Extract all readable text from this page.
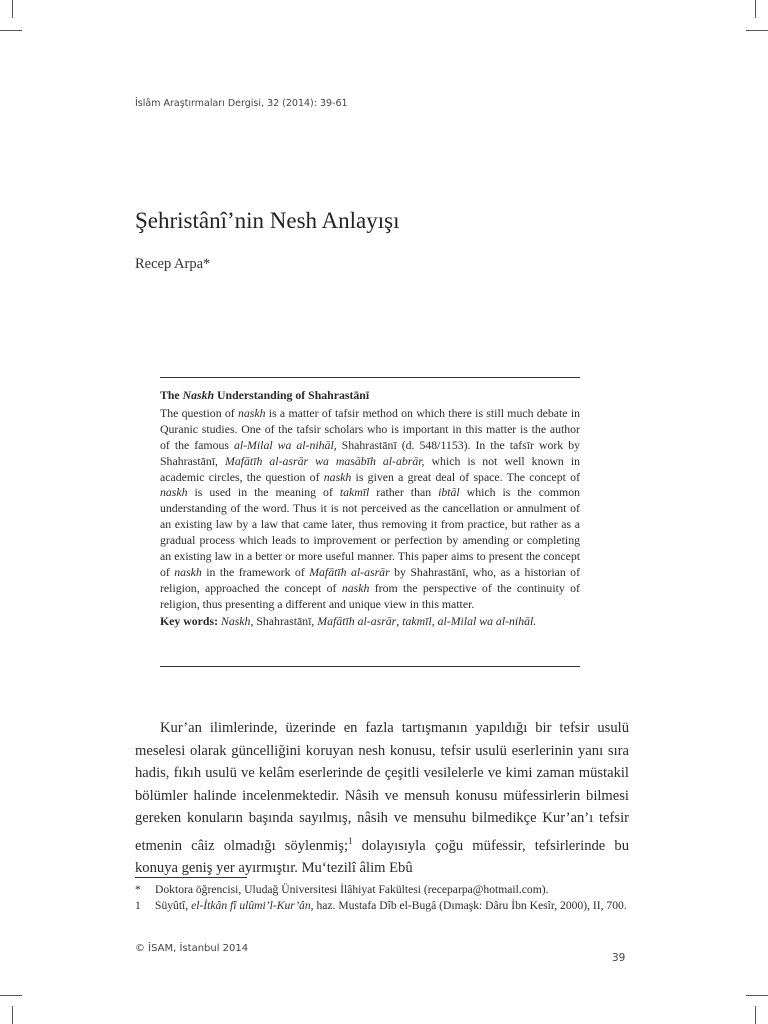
İslâm Araştırmaları Dergisi, 32 (2014): 39-61
Şehristânî’nin Nesh Anlayışı
Recep Arpa*
The Naskh Understanding of Shahrastānī

The question of naskh is a matter of tafsir method on which there is still much debate in Quranic studies. One of the tafsir scholars who is important in this matter is the author of the famous al-Milal wa al-nihāl, Shahrastānī (d. 548/1153). In the tafsīr work by Shahrastānī, Mafātīh al-asrār wa masābīh al-abrār, which is not well known in academic circles, the question of naskh is given a great deal of space. The concept of naskh is used in the meaning of takmīl rather than ibtāl which is the common understanding of the word. Thus it is not perceived as the cancellation or annulment of an existing law by a law that came later, thus removing it from practice, but rather as a gradual process which leads to improvement or perfection by amending or completing an existing law in a better or more useful manner. This paper aims to present the concept of naskh in the framework of Mafātīh al-asrār by Shahrastānī, who, as a historian of religion, approached the concept of naskh from the perspective of the continuity of religion, thus presenting a different and unique view in this matter.

Key words: Naskh, Shahrastānī, Mafātīh al-asrār, takmīl, al-Milal wa al-nihāl.

Kur’an ilimlerinde, üzerinde en fazla tartışmanın yapıldığı bir tefsir usulü meselesi olarak güncelliğini koruyan nesh konusu, tefsir usulü eserlerinin yanı sıra hadis, fıkıh usulü ve kelâm eserlerinde de çeşitli vesilelerle ve kimi zaman müstakil bölümler halinde incelenmektedir. Nâsih ve mensuh konusu müfessirlerin bilmesi gereken konuların başında sayılmış, nâsih ve mensuhu bilmedikçe Kur’an’ı tefsir etmenin câiz olmadığı söylenmiş;$^1$ dolayısıyla çoğu müfessir, tefsirlerinde bu konuya geniş yer ayırmıştır. Mu‘tezilî âlim Ebû

*	Doktora öğrencisi, Uludağ Üniversitesi İlâhiyat Fakültesi (receparpa@hotmail.com).
1	Süyûtî, el-İtkân fî ulûmi’l-Kur’ân, haz. Mustafa Dîb el-Bugâ (Dımaşk: Dâru İbn Kesîr, 2000), II, 700.
© İSAM, İstanbul 2014
39
